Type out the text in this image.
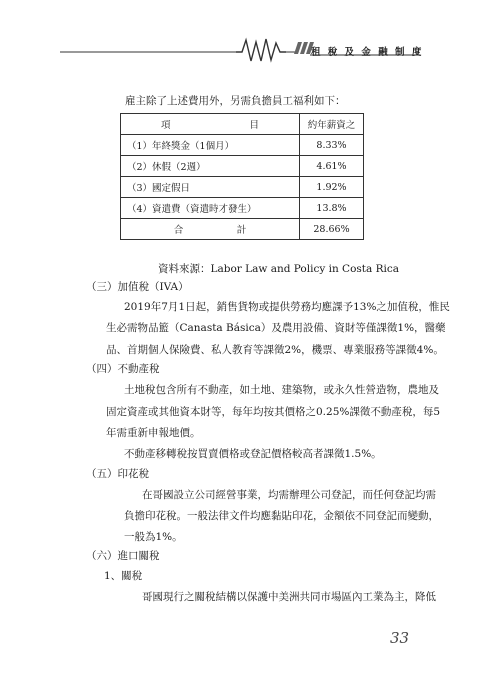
租 稅 及 金 融 制 度
雇主除了上述費用外，另需負擔員工福利如下：
項　　目	約年薪資之
（1）年終獎金（1個月）	8.33%
（2）休假（2週）	4.61%
（3）國定假日	1.92%
（4）資遣費（資遣時才發生）	13.8%
合　計	28.66%
資料來源：Labor Law and Policy in Costa Rica
（三）加值稅（IVA）
2019年7月1日起，銷售貨物或提供勞務均應課予13%之加值稅，惟民
生必需物品籃（Canasta Básica）及農用設備、資財等僅課徵1%，醫藥
品、首期個人保險費、私人教育等課徵2%，機票、專業服務等課徵4%。
（四）不動產稅
土地稅包含所有不動產，如土地、建築物，或永久性營造物，農地及
固定資產或其他資本財等，每年均按其價格之0.25%課徵不動產稅，每5
年需重新申報地價。
不動產移轉稅按買賣價格或登記價格較高者課徵1.5%。
（五）印花稅
在哥國設立公司經營事業，均需辦理公司登記，而任何登記均需
負擔印花稅。一般法律文件均應黏貼印花，金額依不同登記而變動，
一般為1%。
（六）進口關稅
1、關稅
哥國現行之關稅結構以保護中美洲共同市場區內工業為主，降低
33
